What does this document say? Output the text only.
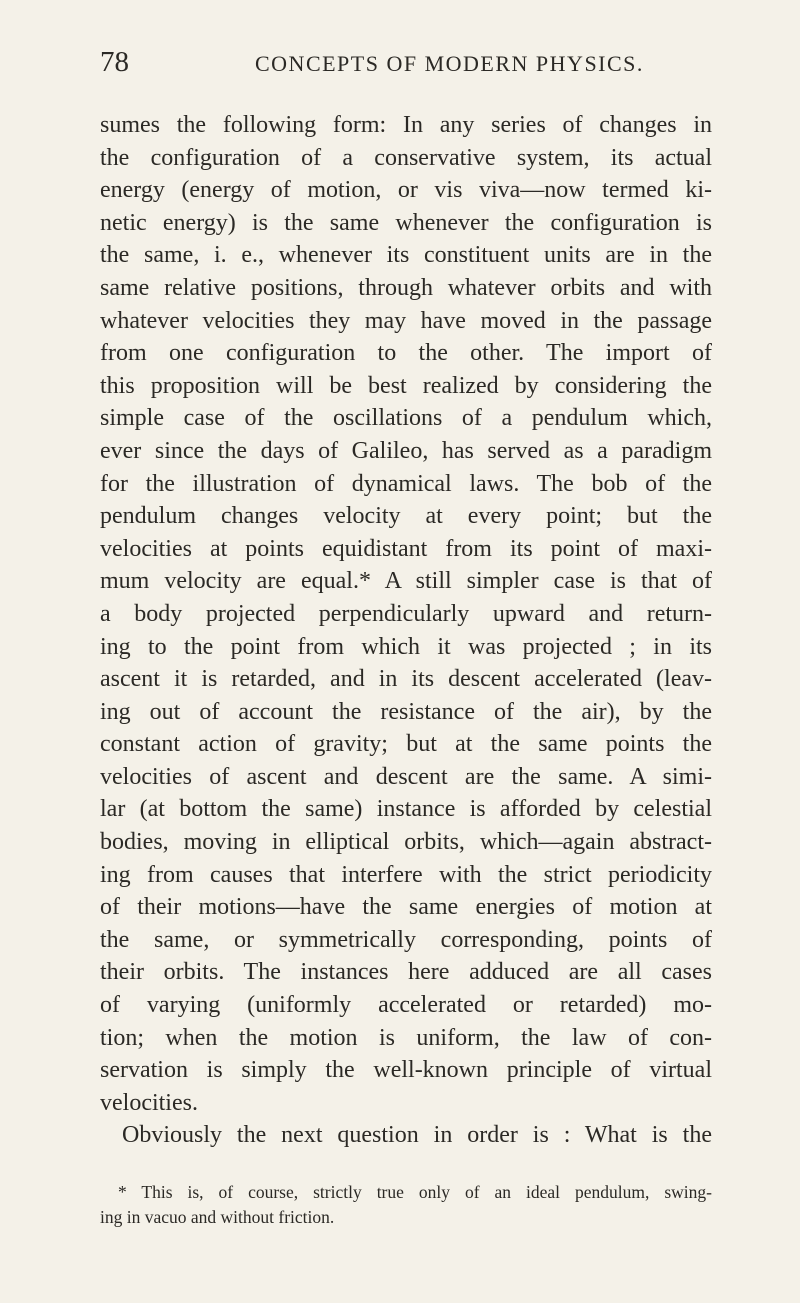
78	CONCEPTS OF MODERN PHYSICS.

sumes the following form: In any series of changes in
the configuration of a conservative system, its actual
energy (energy of motion, or vis viva—now termed ki-
netic energy) is the same whenever the configuration is
the same, i. e., whenever its constituent units are in the
same relative positions, through whatever orbits and with
whatever velocities they may have moved in the passage
from one configuration to the other. The import of
this proposition will be best realized by considering the
simple case of the oscillations of a pendulum which,
ever since the days of Galileo, has served as a paradigm
for the illustration of dynamical laws. The bob of the
pendulum changes velocity at every point; but the
velocities at points equidistant from its point of maxi-
mum velocity are equal.* A still simpler case is that of
a body projected perpendicularly upward and return-
ing to the point from which it was projected ; in its
ascent it is retarded, and in its descent accelerated (leav-
ing out of account the resistance of the air), by the
constant action of gravity; but at the same points the
velocities of ascent and descent are the same. A simi-
lar (at bottom the same) instance is afforded by celestial
bodies, moving in elliptical orbits, which—again abstract-
ing from causes that interfere with the strict periodicity
of their motions—have the same energies of motion at
the same, or symmetrically corresponding, points of
their orbits. The instances here adduced are all cases
of varying (uniformly accelerated or retarded) mo-
tion; when the motion is uniform, the law of con-
servation is simply the well-known principle of virtual
velocities.

Obviously the next question in order is : What is the

* This is, of course, strictly true only of an ideal pendulum, swing-
ing in vacuo and without friction.
